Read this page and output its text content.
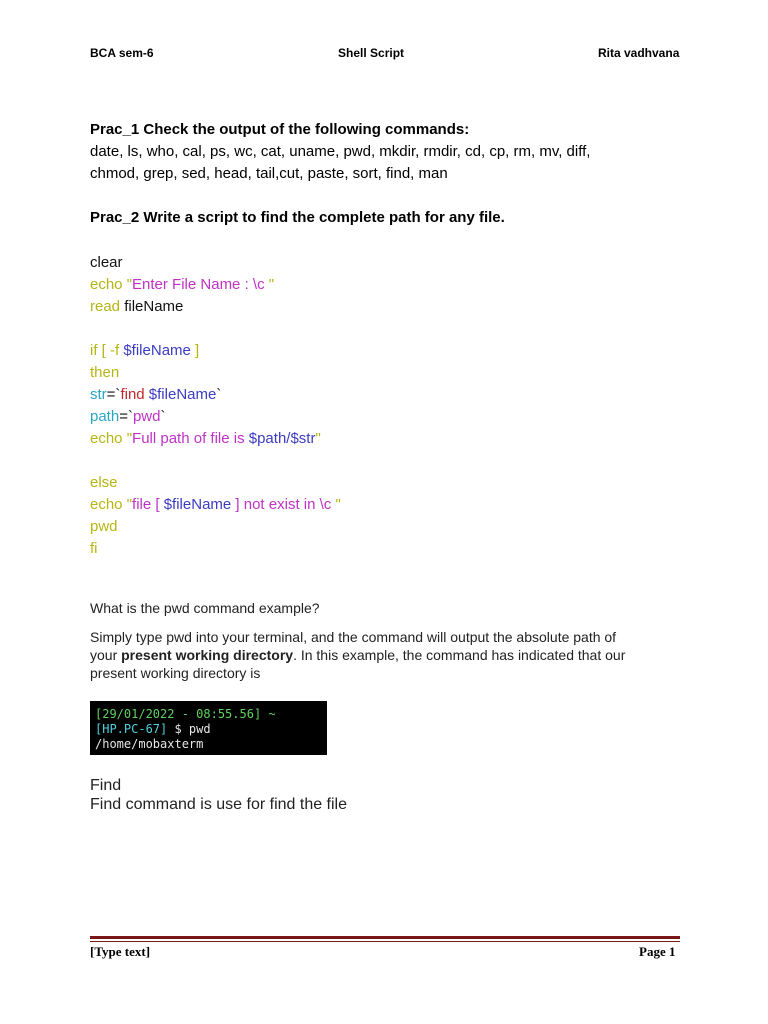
BCA sem-6	Shell Script	Rita vadhvana
Prac_1 Check the output of the following commands:
date, ls, who, cal, ps, wc, cat, uname, pwd, mkdir, rmdir, cd, cp, rm, mv, diff,
chmod, grep, sed, head, tail,cut, paste, sort, find, man
Prac_2 Write a script to find the complete path for any file.
clear
echo "Enter File Name : \c "
read fileName
if [ -f $fileName ]
then
str=`find $fileName`
path=`pwd`
echo "Full path of file is $path/$str"
else
echo "file [ $fileName ] not exist in \c "
pwd
fi
What is the pwd command example?
Simply type pwd into your terminal, and the command will output the absolute path of
your present working directory. In this example, the command has indicated that our
present working directory is
[29/01/2022 - 08:55.56] ~
[HP.PC-67] $ pwd
/home/mobaxterm
Find
Find command is use for find the file
[Type text]	Page 1
